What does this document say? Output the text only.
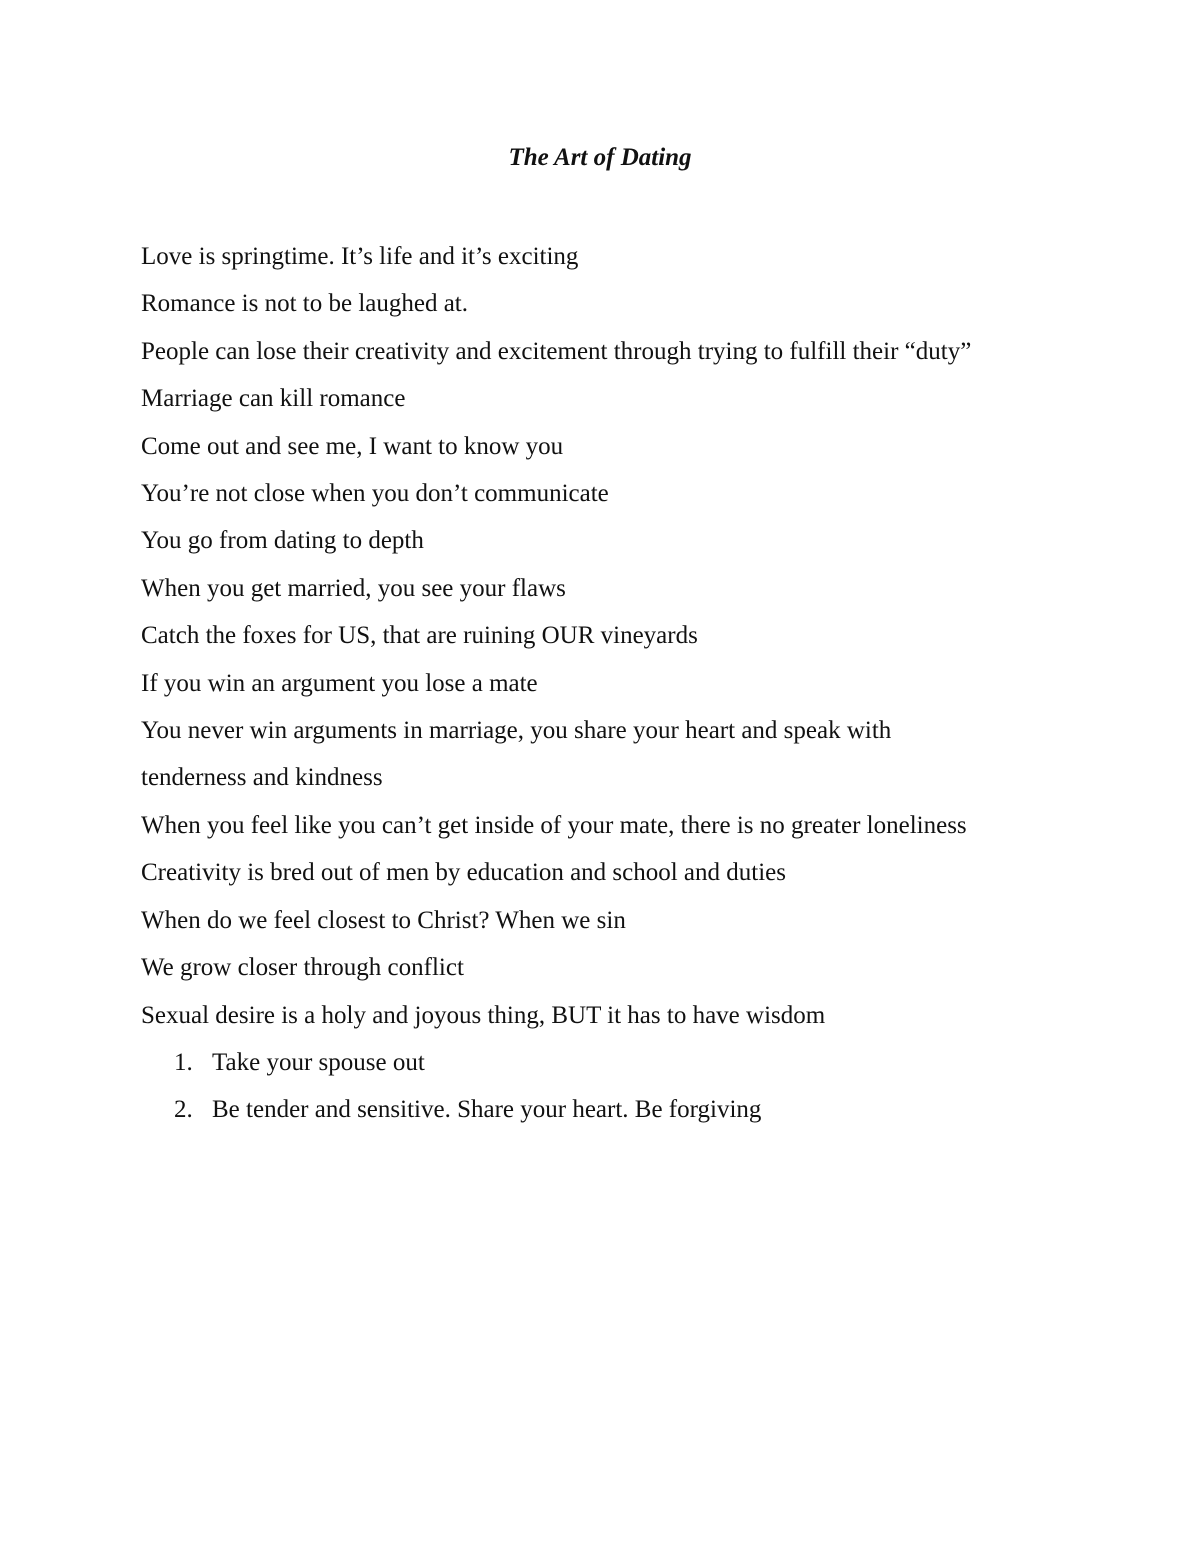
The Art of Dating

Love is springtime. It’s life and it’s exciting

Romance is not to be laughed at.

People can lose their creativity and excitement through trying to fulfill their “duty”

Marriage can kill romance

Come out and see me, I want to know you

You’re not close when you don’t communicate

You go from dating to depth

When you get married, you see your flaws

Catch the foxes for US, that are ruining OUR vineyards

If you win an argument you lose a mate

You never win arguments in marriage, you share your heart and speak with

tenderness and kindness

When you feel like you can’t get inside of your mate, there is no greater loneliness

Creativity is bred out of men by education and school and duties

When do we feel closest to Christ? When we sin

We grow closer through conflict

Sexual desire is a holy and joyous thing, BUT it has to have wisdom

1. Take your spouse out
2. Be tender and sensitive. Share your heart. Be forgiving
